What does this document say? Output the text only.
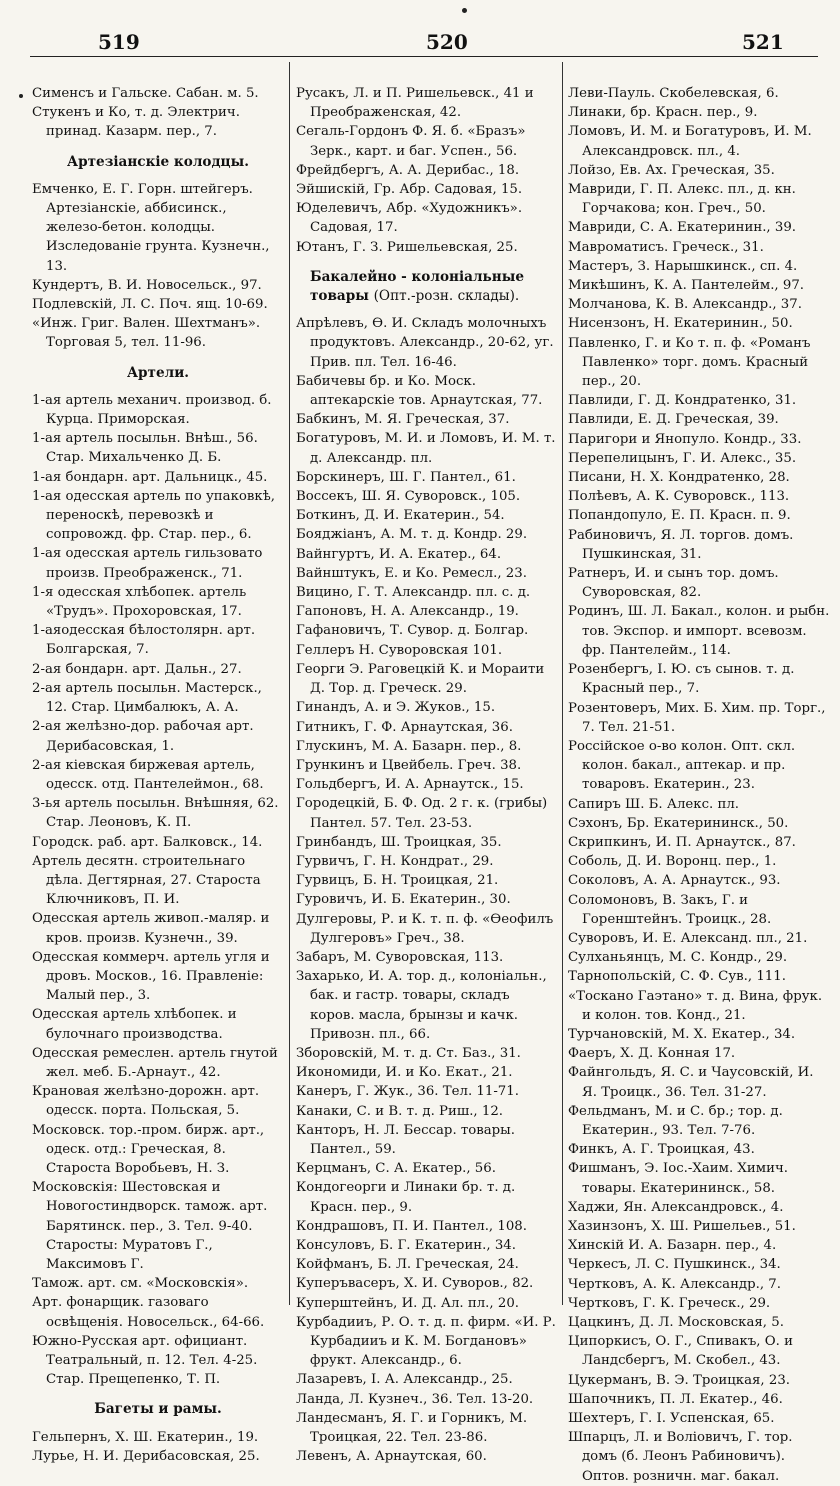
519	520	521

Сименсъ и Гальске. Сабан. м. 5.

Стукенъ и Ко, т. д. Электрич. принад. Казарм. пер., 7.

Артезіанскіе колодцы.

Емченко, Е. Г. Горн. штейгеръ. Артезіанскіе, аббисинск., железо-бетон. колодцы. Изследованіе грунта. Кузнечн., 13.

Кундертъ, В. И. Новосельск., 97.

Подлевскій, Л. С. Поч. ящ. 10-69.

«Инж. Григ. Вален. Шехтманъ». Торговая 5, тел. 11-96.

Артели.

1-ая артель механич. производ. б. Курца. Приморская.

1-ая артель посыльн. Внѣш., 56. Стар. Михальченко Д. Б.

1-ая бондарн. арт. Дальницк., 45.

1-ая одесская артель по упаковкѣ, переноскѣ, перевозкѣ и сопровожд. фр. Стар. пер., 6.

1-ая одесская артель гильзовато произв. Преображенск., 71.

1-я одесская хлѣбопек. артель «Трудъ». Прохоровская, 17.

1-аяодесская бѣлостолярн. арт. Болгарская, 7.

2-ая бондарн. арт. Дальн., 27.

2-ая артель посыльн. Мастерск., 12. Стар. Цимбалюкъ, А. А.

2-ая желѣзно-дор. рабочая арт. Дерибасовская, 1.

2-ая кіевская биржевая артель, одесск. отд. Пантелеймон., 68.

3-ья артель посыльн. Внѣшняя, 62. Стар. Леоновъ, К. П.

Городск. раб. арт. Балковск., 14.

Артель десятн. строительнаго дѣла. Дегтярная, 27. Староста Ключниковъ, П. И.

Одесская артель живоп.-маляр. и кров. произв. Кузнечн., 39.

Одесская коммерч. артель угля и дровъ. Москов., 16. Правленіе: Малый пер., 3.

Одесская артель хлѣбопек. и булочнаго производства.

Одесская ремеслен. артель гнутой жел. меб. Б.-Арнаут., 42.

Крановая желѣзно-дорожн. арт. одесск. порта. Польская, 5.

Московск. тор.-пром. бирж. арт., одеск. отд.: Греческая, 8. Староста Воробьевъ, Н. З.

Московскія: Шестовская и Новогостиндворск. тамож. арт. Барятинск. пер., 3. Тел. 9-40. Старосты: Муратовъ Г., Максимовъ Г.

Тамож. арт. см. «Московскія».

Арт. фонарщик. газоваго освѣщенія. Новосельск., 64-66.

Южно-Русская арт. официант. Театральный, п. 12. Тел. 4-25. Стар. Прещепенко, Т. П.

Багеты и рамы.

Гельпернъ, Х. Ш. Екатерин., 19.

Лурье, Н. И. Дерибасовская, 25.

Русакъ, Л. и П. Ришельевск., 41 и Преображенская, 42.

Сегаль-Гордонъ Ф. Я. б. «Бразъ» Зерк., карт. и баг. Успен., 56.

Фрейдбергъ, А. А. Дерибас., 18.

Эйшискій, Гр. Абр. Садовая, 15.

Юделевичъ, Абр. «Художникъ». Садовая, 17.

Ютанъ, Г. З. Ришельевская, 25.

Бакалейно - колоніальные товары (Опт.-розн. склады).

Апрѣлевъ, Ѳ. И. Складъ молочныхъ продуктовъ. Александр., 20-62, уг. Прив. пл. Тел. 16-46.

Бабичевы бр. и Ко. Моск. аптекарскіе тов. Арнаутская, 77.

Бабкинъ, М. Я. Греческая, 37.

Богатуровъ, М. И. и Ломовъ, И. М. т. д. Александр. пл.

Борскинеръ, Ш. Г. Пантел., 61.

Воссекъ, Ш. Я. Суворовск., 105.

Боткинъ, Д. И. Екатерин., 54.

Бояджіанъ, А. М. т. д. Кондр. 29.

Вайнгуртъ, И. А. Екатер., 64.

Вайнштукъ, Е. и Ко. Ремесл., 23.

Вицино, Г. Т. Александр. пл. с. д.

Гапоновъ, Н. А. Александр., 19.

Гафановичъ, Т. Сувор. д. Болгар.

Геллеръ Н. Суворовская 101.

Георги Э. Раговецкій К. и Мораити Д. Тор. д. Греческ. 29.

Гинандъ, А. и Э. Жуков., 15.

Гитникъ, Г. Ф. Арнаутская, 36.

Глускинъ, М. А. Базарн. пер., 8.

Грункинъ и Цвейбель. Греч. 38.

Гольдбергъ, И. А. Арнаутск., 15.

Городецкій, Б. Ф. Од. 2 г. к. (грибы) Пантел. 57. Тел. 23-53.

Гринбандъ, Ш. Троицкая, 35.

Гурвичъ, Г. Н. Кондрат., 29.

Гурвицъ, Б. Н. Троицкая, 21.

Гуровичъ, И. Б. Екатерин., 30.

Дулгеровы, Р. и К. т. п. ф. «Ѳеофилъ Дулгеровъ» Греч., 38.

Забаръ, М. Суворовская, 113.

Захарько, И. А. тор. д., колоніальн., бак. и гастр. товары, складъ коров. масла, брынзы и качк. Привозн. пл., 66.

Зборовскій, М. т. д. Ст. Баз., 31.

Икономиди, И. и Ко. Екат., 21.

Канеръ, Г. Жук., 36. Тел. 11-71.

Канаки, С. и В. т. д. Риш., 12.

Канторъ, Н. Л. Бессар. товары. Пантел., 59.

Керцманъ, С. А. Екатер., 56.

Кондогеорги и Линаки бр. т. д. Красн. пер., 9.

Кондрашовъ, П. И. Пантел., 108.

Консуловъ, Б. Г. Екатерин., 34.

Койфманъ, Б. Л. Греческая, 24.

Куперъвасеръ, Х. И. Суворов., 82.

Куперштейнъ, И. Д. Ал. пл., 20.

Курбадииъ, Р. О. т. д. п. фирм. «И. Р. Курбадииъ и К. М. Богдановъ» фрукт. Александр., 6.

Лазаревъ, І. А. Александр., 25.

Ланда, Л. Кузнеч., 36. Тел. 13-20.

Ландесманъ, Я. Г. и Горникъ, М. Троицкая, 22. Тел. 23-86.

Левенъ, А. Арнаутская, 60.

Леви-Пауль. Скобелевская, 6.

Линаки, бр. Красн. пер., 9.

Ломовъ, И. М. и Богатуровъ, И. М. Александровск. пл., 4.

Лойзо, Ев. Ах. Греческая, 35.

Мавриди, Г. П. Алекс. пл., д. кн. Горчакова; кон. Греч., 50.

Мавриди, С. А. Екатеринин., 39.

Мавроматисъ. Греческ., 31.

Мастеръ, З. Нарышкинск., сп. 4.

Микѣшинъ, К. А. Пантелейм., 97.

Молчанова, К. В. Александр., 37.

Нисензонъ, Н. Екатеринин., 50.

Павленко, Г. и Ко т. п. ф. «Романъ Павленко» торг. домъ. Красный пер., 20.

Павлиди, Г. Д. Кондратенко, 31.

Павлиди, Е. Д. Греческая, 39.

Паригори и Янопуло. Кондр., 33.

Перепелицынъ, Г. И. Алекс., 35.

Писани, Н. Х. Кондратенко, 28.

Полѣевъ, А. К. Суворовск., 113.

Попандопуло, Е. П. Красн. п. 9.

Рабиновичъ, Я. Л. торгов. домъ. Пушкинская, 31.

Ратнеръ, И. и сынъ тор. домъ. Суворовская, 82.

Родинъ, Ш. Л. Бакал., колон. и рыбн. тов. Экспор. и импорт. всевозм. фр. Пантелейм., 114.

Розенбергъ, І. Ю. съ сынов. т. д. Красный пер., 7.

Розентоверъ, Мих. Б. Хим. пр. Торг., 7. Тел. 21-51.

Россійское о-во колон. Опт. скл. колон. бакал., аптекар. и пр. товаровъ. Екатерин., 23.

Сапиръ Ш. Б. Алекс. пл.

Сэхонъ, Бр. Екатерининск., 50.

Скрипкинъ, И. П. Арнаутск., 87.

Соболь, Д. И. Воронц. пер., 1.

Соколовъ, А. А. Арнаутск., 93.

Соломоновъ, В. Закъ, Г. и Горенштейнъ. Троицк., 28.

Суворовъ, И. Е. Александ. пл., 21.

Сулханьянцъ, М. С. Кондр., 29.

Тарнопольскій, С. Ф. Сув., 111.

«Тоскано Гаэтано» т. д. Вина, фрук. и колон. тов. Конд., 21.

Турчановскій, М. Х. Екатер., 34.

Фаеръ, Х. Д. Конная 17.

Файнгольдъ, Я. С. и Чаусовскій, И. Я. Троицк., 36. Тел. 31-27.

Фельдманъ, М. и С. бр.; тор. д. Екатерин., 93. Тел. 7-76.

Финкъ, А. Г. Троицкая, 43.

Фишманъ, Э. Іос.-Хаим. Химич. товары. Екатерининск., 58.

Хаджи, Ян. Александровск., 4.

Хазинзонъ, Х. Ш. Ришельев., 51.

Хинскій И. А. Базарн. пер., 4.

Черкесъ, Л. С. Пушкинск., 34.

Чертковъ, А. К. Александр., 7.

Чертковъ, Г. К. Греческ., 29.

Цацкинъ, Д. Л. Московская, 5.

Ципоркисъ, О. Г., Спивакъ, О. и Ландсбергъ, М. Скобел., 43.

Цукерманъ, В. Э. Троицкая, 23.

Шапочникъ, П. Л. Екатер., 46.

Шехтеръ, Г. І. Успенская, 65.

Шпарцъ, Л. и Воліовичъ, Г. тор. домъ (б. Леонъ Рабиновичъ). Оптов. розничн. маг. бакал.
